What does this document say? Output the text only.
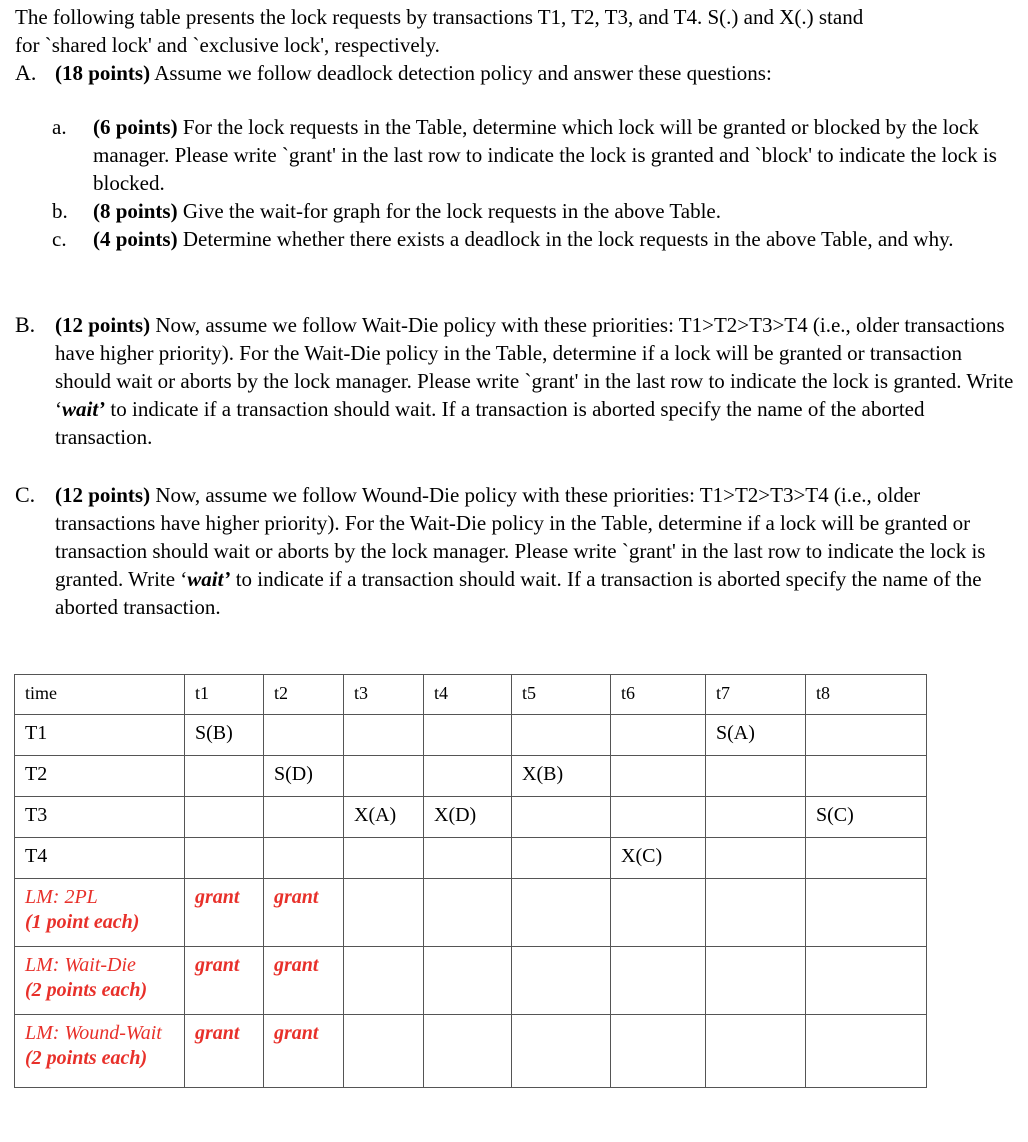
The following table presents the lock requests by transactions T1, T2, T3, and T4. S(.) and X(.) stand
for `shared lock' and `exclusive lock', respectively.
A. (18 points) Assume we follow deadlock detection policy and answer these questions:
a. (6 points) For the lock requests in the Table, determine which lock will be granted or blocked by the lock manager. Please write `grant' in the last row to indicate the lock is granted and `block' to indicate the lock is blocked.
b. (8 points) Give the wait-for graph for the lock requests in the above Table.
c. (4 points) Determine whether there exists a deadlock in the lock requests in the above Table, and why.
B. (12 points) Now, assume we follow Wait-Die policy with these priorities: T1>T2>T3>T4 (i.e., older transactions have higher priority). For the Wait-Die policy in the Table, determine if a lock will be granted or transaction should wait or aborts by the lock manager. Please write `grant' in the last row to indicate the lock is granted. Write ‘wait’ to indicate if a transaction should wait. If a transaction is aborted specify the name of the aborted transaction.
C. (12 points) Now, assume we follow Wound-Die policy with these priorities: T1>T2>T3>T4 (i.e., older transactions have higher priority). For the Wait-Die policy in the Table, determine if a lock will be granted or transaction should wait or aborts by the lock manager. Please write `grant' in the last row to indicate the lock is granted. Write ‘wait’ to indicate if a transaction should wait. If a transaction is aborted specify the name of the aborted transaction.
time	t1	t2	t3	t4	t5	t6	t7	t8
T1	S(B)						S(A)	
T2		S(D)			X(B)			
T3			X(A)	X(D)				S(C)
T4						X(C)		

LM: 2PL
(1 point each)	grant	grant						

LM: Wait-Die
(2 points each)	grant	grant						

LM: Wound-Wait
(2 points each)	grant	grant						
